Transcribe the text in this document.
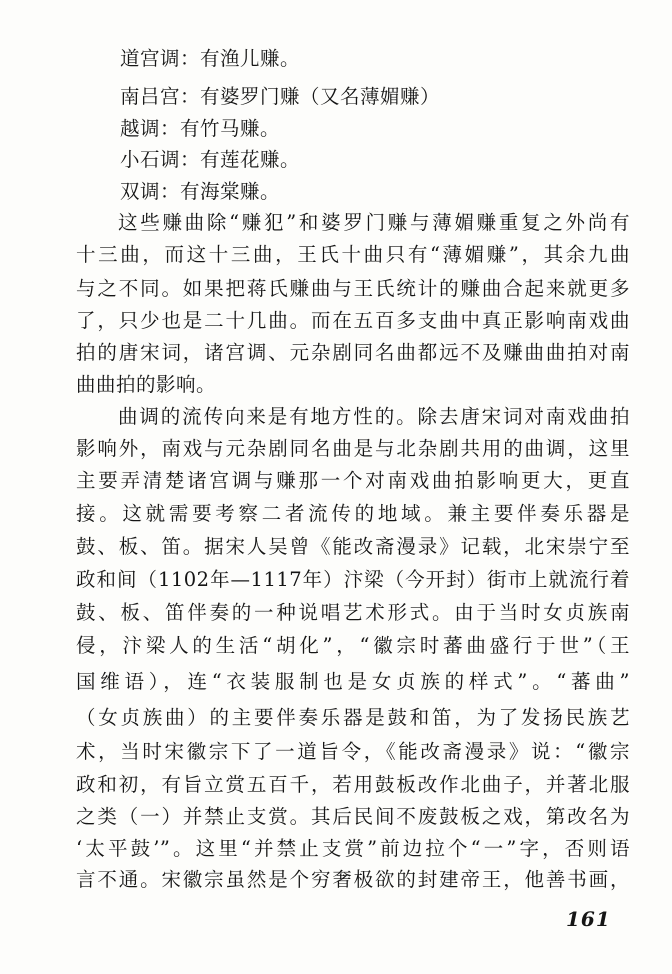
道宫调：有渔儿赚。
南吕宫：有婆罗门赚（又名薄媚赚）
越调：有竹马赚。
小石调：有莲花赚。
双调：有海棠赚。
这些赚曲除“赚犯”和婆罗门赚与薄媚赚重复之外尚有
十三曲，而这十三曲，王氏十曲只有“薄媚赚”，其余九曲
与之不同。如果把蒋氏赚曲与王氏统计的赚曲合起来就更多
了，只少也是二十几曲。而在五百多支曲中真正影响南戏曲
拍的唐宋词，诸宫调、元杂剧同名曲都远不及赚曲曲拍对南
曲曲拍的影响。
曲调的流传向来是有地方性的。除去唐宋词对南戏曲拍
影响外，南戏与元杂剧同名曲是与北杂剧共用的曲调，这里
主要弄清楚诸宫调与赚那一个对南戏曲拍影响更大，更直
接。这就需要考察二者流传的地域。兼主要伴奏乐器是
鼓、板、笛。据宋人吴曾《能改斋漫录》记载，北宋崇宁至
政和间（1102年—1117年）汴梁（今开封）街市上就流行着
鼓、板、笛伴奏的一种说唱艺术形式。由于当时女贞族南
侵，汴梁人的生活“胡化”，“徽宗时蕃曲盛行于世”（王
国维语），连“衣装服制也是女贞族的样式”。“蕃曲”
（女贞族曲）的主要伴奏乐器是鼓和笛，为了发扬民族艺
术，当时宋徽宗下了一道旨令，《能改斋漫录》说：“徽宗
政和初，有旨立赏五百千，若用鼓板改作北曲子，并著北服
之类（一）并禁止支赏。其后民间不废鼓板之戏，第改名为
‘太平鼓’”。这里“并禁止支赏”前边拉个“一”字，否则语
言不通。宋徽宗虽然是个穷奢极欲的封建帝王，他善书画，
161
